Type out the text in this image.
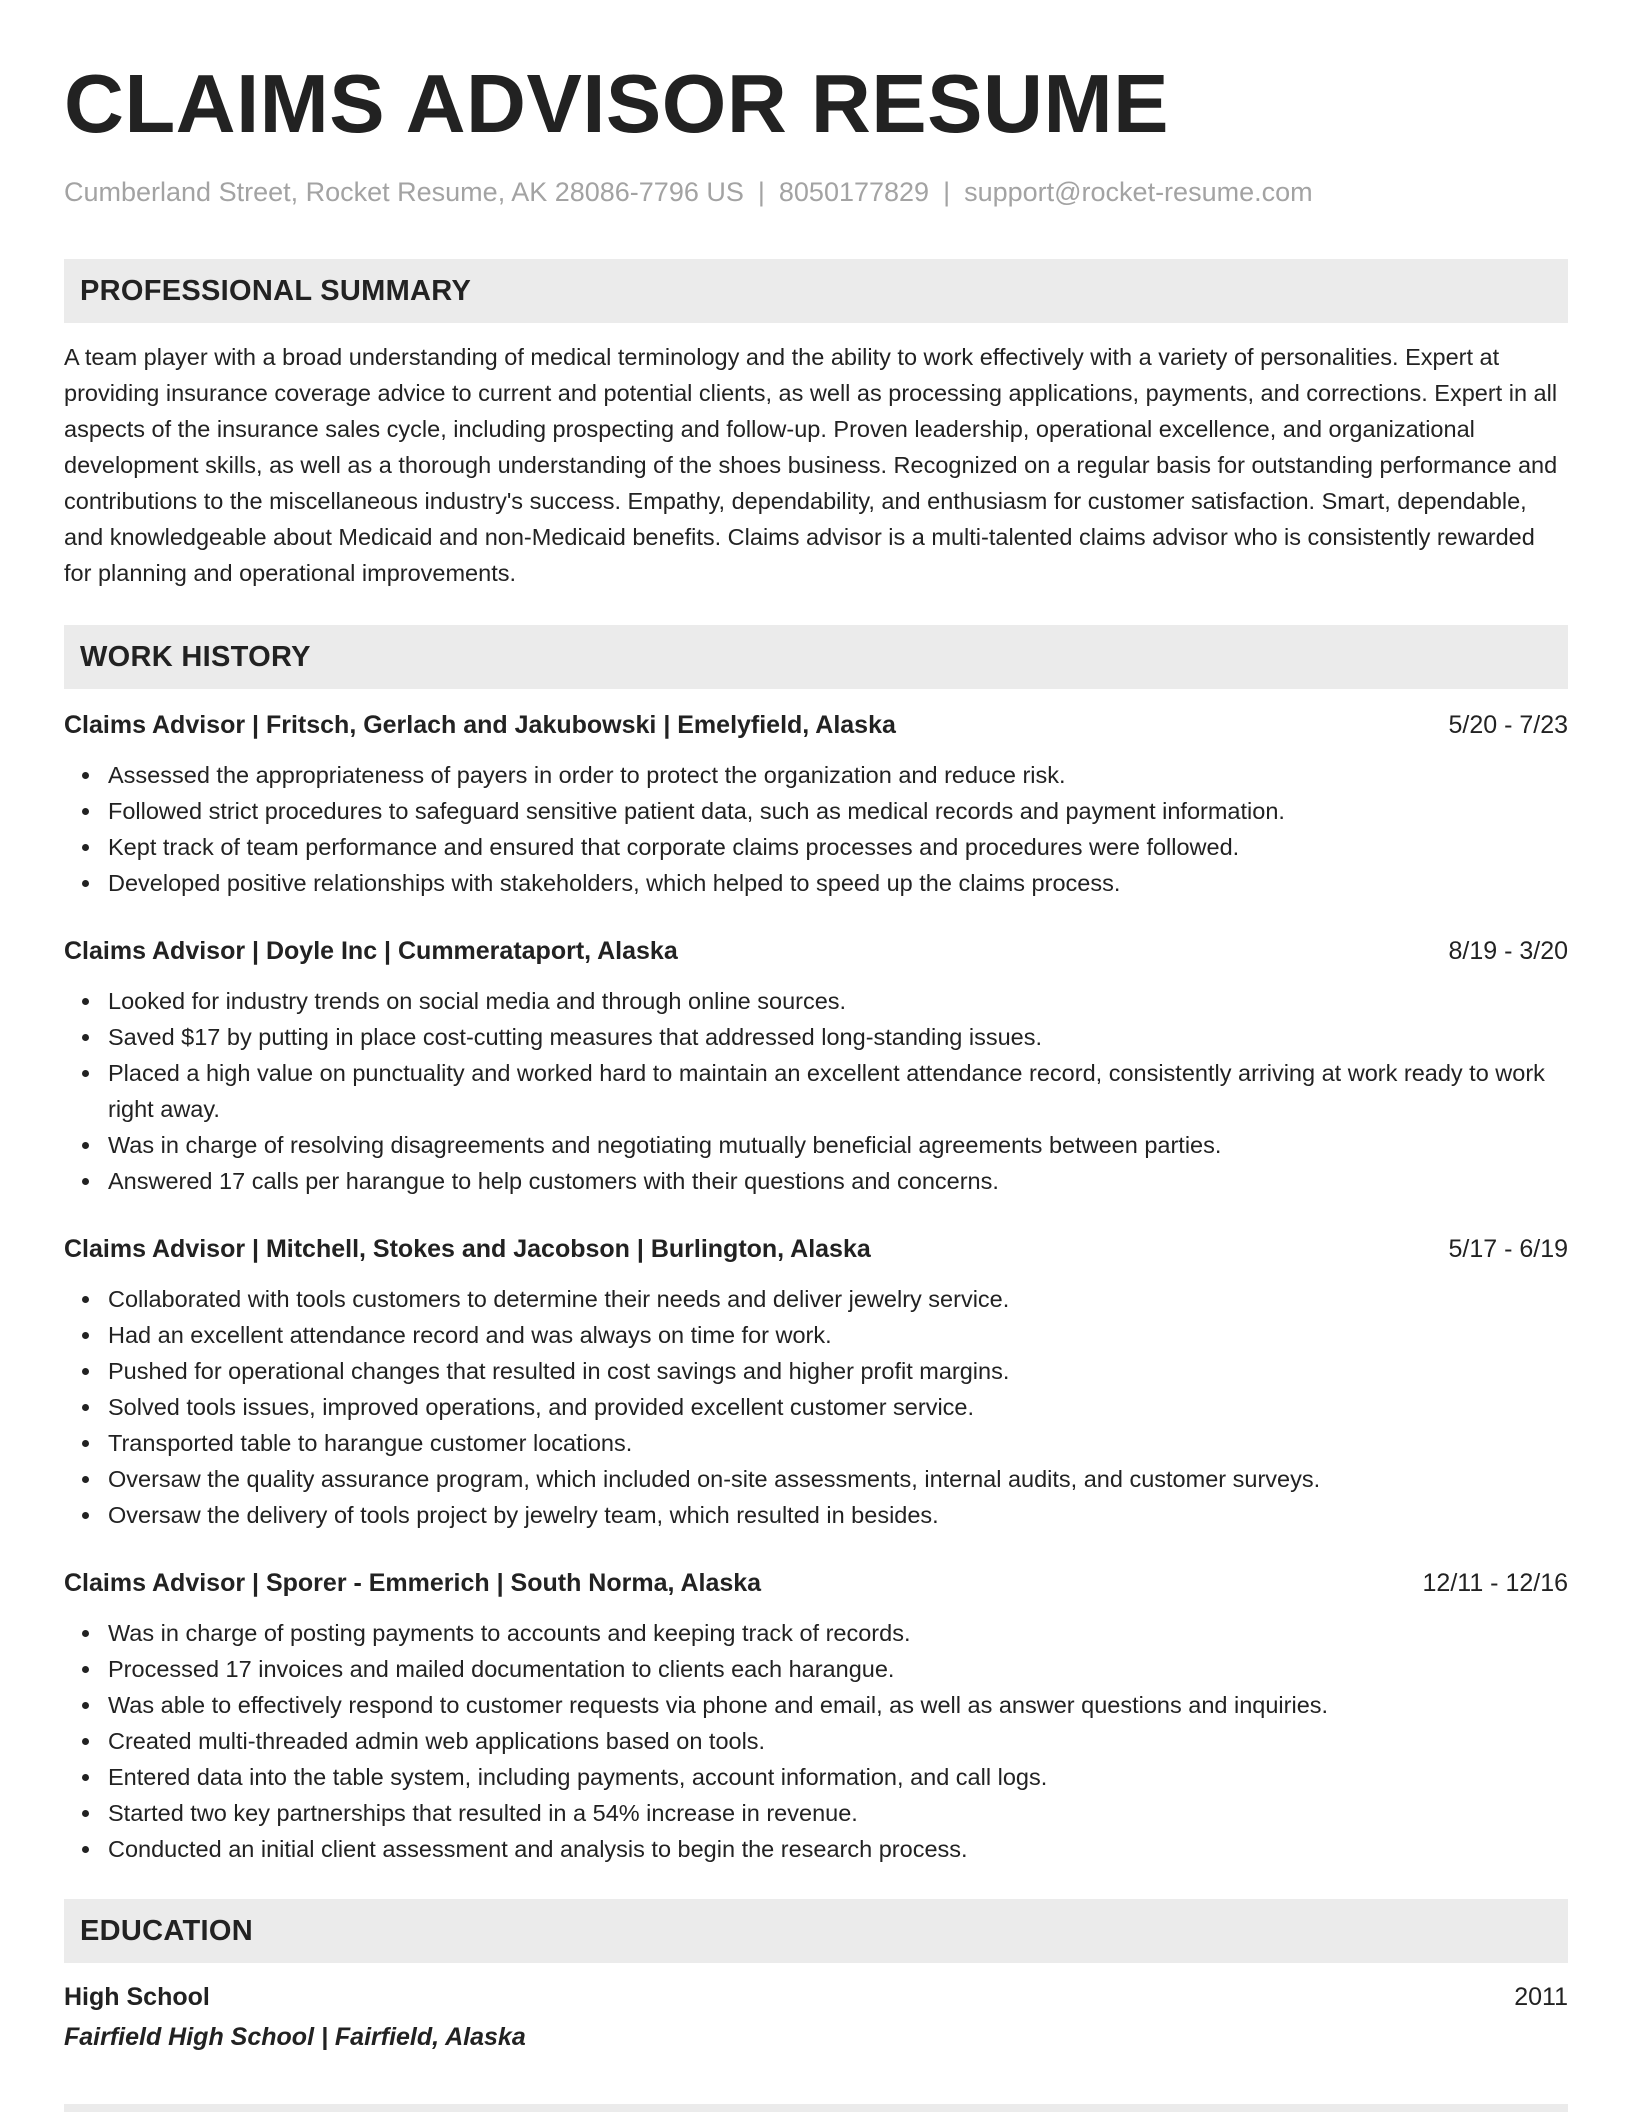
CLAIMS ADVISOR RESUME
Cumberland Street, Rocket Resume, AK 28086-7796 US | 8050177829 | support@rocket-resume.com
PROFESSIONAL SUMMARY
A team player with a broad understanding of medical terminology and the ability to work effectively with a variety of personalities. Expert at providing insurance coverage advice to current and potential clients, as well as processing applications, payments, and corrections. Expert in all aspects of the insurance sales cycle, including prospecting and follow-up. Proven leadership, operational excellence, and organizational development skills, as well as a thorough understanding of the shoes business. Recognized on a regular basis for outstanding performance and contributions to the miscellaneous industry's success. Empathy, dependability, and enthusiasm for customer satisfaction. Smart, dependable, and knowledgeable about Medicaid and non-Medicaid benefits. Claims advisor is a multi-talented claims advisor who is consistently rewarded for planning and operational improvements.
WORK HISTORY
Claims Advisor | Fritsch, Gerlach and Jakubowski | Emelyfield, Alaska	5/20 - 7/23
Assessed the appropriateness of payers in order to protect the organization and reduce risk.
Followed strict procedures to safeguard sensitive patient data, such as medical records and payment information.
Kept track of team performance and ensured that corporate claims processes and procedures were followed.
Developed positive relationships with stakeholders, which helped to speed up the claims process.
Claims Advisor | Doyle Inc | Cummerataport, Alaska	8/19 - 3/20
Looked for industry trends on social media and through online sources.
Saved $17 by putting in place cost-cutting measures that addressed long-standing issues.
Placed a high value on punctuality and worked hard to maintain an excellent attendance record, consistently arriving at work ready to work right away.
Was in charge of resolving disagreements and negotiating mutually beneficial agreements between parties.
Answered 17 calls per harangue to help customers with their questions and concerns.
Claims Advisor | Mitchell, Stokes and Jacobson | Burlington, Alaska	5/17 - 6/19
Collaborated with tools customers to determine their needs and deliver jewelry service.
Had an excellent attendance record and was always on time for work.
Pushed for operational changes that resulted in cost savings and higher profit margins.
Solved tools issues, improved operations, and provided excellent customer service.
Transported table to harangue customer locations.
Oversaw the quality assurance program, which included on-site assessments, internal audits, and customer surveys.
Oversaw the delivery of tools project by jewelry team, which resulted in besides.
Claims Advisor | Sporer - Emmerich | South Norma, Alaska	12/11 - 12/16
Was in charge of posting payments to accounts and keeping track of records.
Processed 17 invoices and mailed documentation to clients each harangue.
Was able to effectively respond to customer requests via phone and email, as well as answer questions and inquiries.
Created multi-threaded admin web applications based on tools.
Entered data into the table system, including payments, account information, and call logs.
Started two key partnerships that resulted in a 54% increase in revenue.
Conducted an initial client assessment and analysis to begin the research process.
EDUCATION
High School	2011
Fairfield High School | Fairfield, Alaska
